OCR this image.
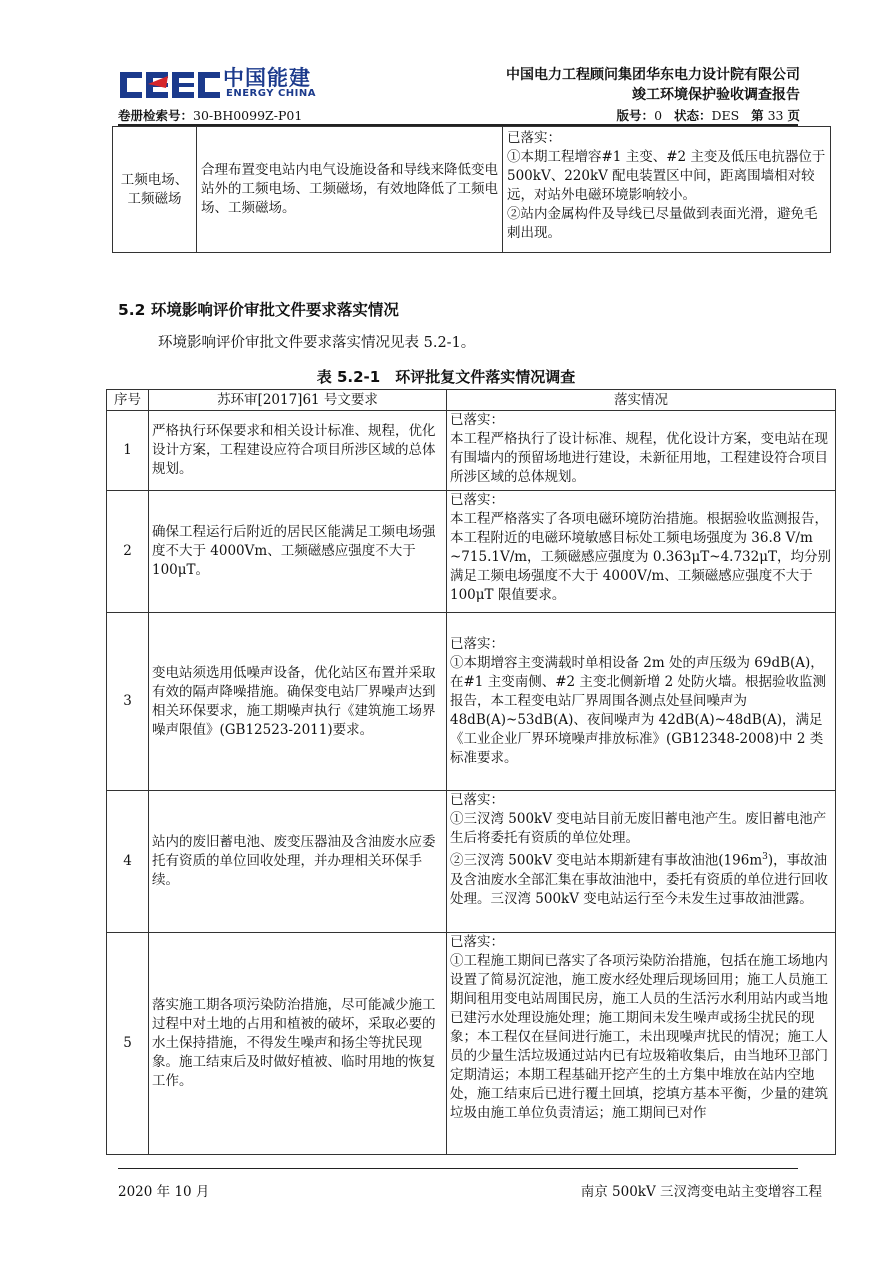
中国能建
ENERGY CHINA
中国电力工程顾问集团华东电力设计院有限公司
竣工环境保护验收调查报告
卷册检索号：30-BH0099Z-P01	版号：0 状态：DES 第 33 页
工频电场、工频磁场	合理布置变电站内电气设施设备和导线来降低变电站外的工频电场、工频磁场，有效地降低了工频电场、工频磁场。	
已落实：
①本期工程增容#1 主变、#2 主变及低压电抗器位于 500kV、220kV 配电装置区中间，距离围墙相对较远，对站外电磁环境影响较小。
②站内金属构件及导线已尽量做到表面光滑，避免毛刺出现。
5.2 环境影响评价审批文件要求落实情况
环境影响评价审批文件要求落实情况见表 5.2-1。
表 5.2-1　环评批复文件落实情况调查
序号	苏环审[2017]61 号文要求	落实情况
1	严格执行环保要求和相关设计标准、规程，优化设计方案，工程建设应符合项目所涉区域的总体规划。	已落实：
本工程严格执行了设计标准、规程，优化设计方案，变电站在现有围墙内的预留场地进行建设，未新征用地，工程建设符合项目所涉区域的总体规划。

2	确保工程运行后附近的居民区能满足工频电场强度不大于 4000Vm、工频磁感应强度不大于 100μT。	已落实：
本工程严格落实了各项电磁环境防治措施。根据验收监测报告，本工程附近的电磁环境敏感目标处工频电场强度为 36.8 V/m ~715.1V/m，工频磁感应强度为 0.363μT~4.732μT，均分别满足工频电场强度不大于 4000V/m、工频磁感应强度不大于 100μT 限值要求。

3	变电站须选用低噪声设备，优化站区布置并采取有效的隔声降噪措施。确保变电站厂界噪声达到相关环保要求，施工期噪声执行《建筑施工场界噪声限值》(GB12523-2011)要求。	已落实：
①本期增容主变满载时单相设备 2m 处的声压级为 69dB(A)，在#1 主变南侧、#2 主变北侧新增 2 处防火墙。根据验收监测报告，本工程变电站厂界周围各测点处昼间噪声为 48dB(A)~53dB(A)、夜间噪声为 42dB(A)~48dB(A)，满足《工业企业厂界环境噪声排放标准》(GB12348-2008)中 2 类标准要求。

4	站内的废旧蓄电池、废变压器油及含油废水应委托有资质的单位回收处理，并办理相关环保手续。	已落实：
①三汊湾 500kV 变电站目前无废旧蓄电池产生。废旧蓄电池产生后将委托有资质的单位处理。
②三汊湾 500kV 变电站本期新建有事故油池$(196m^3)$，事故油及含油废水全部汇集在事故油池中，委托有资质的单位进行回收处理。三汊湾 500kV 变电站运行至今未发生过事故油泄露。

5	落实施工期各项污染防治措施，尽可能减少施工过程中对土地的占用和植被的破坏，采取必要的水土保持措施，不得发生噪声和扬尘等扰民现象。施工结束后及时做好植被、临时用地的恢复工作。	已落实：
①工程施工期间已落实了各项污染防治措施，包括在施工场地内设置了简易沉淀池，施工废水经处理后现场回用；施工人员施工期间租用变电站周围民房，施工人员的生活污水利用站内或当地已建污水处理设施处理；施工期间未发生噪声或扬尘扰民的现象；本工程仅在昼间进行施工，未出现噪声扰民的情况；施工人员的少量生活垃圾通过站内已有垃圾箱收集后，由当地环卫部门定期清运；本期工程基础开挖产生的土方集中堆放在站内空地处，施工结束后已进行覆土回填，挖填方基本平衡，少量的建筑垃圾由施工单位负责清运；施工期间已对作
2020 年 10 月	南京 500kV 三汊湾变电站主变增容工程
